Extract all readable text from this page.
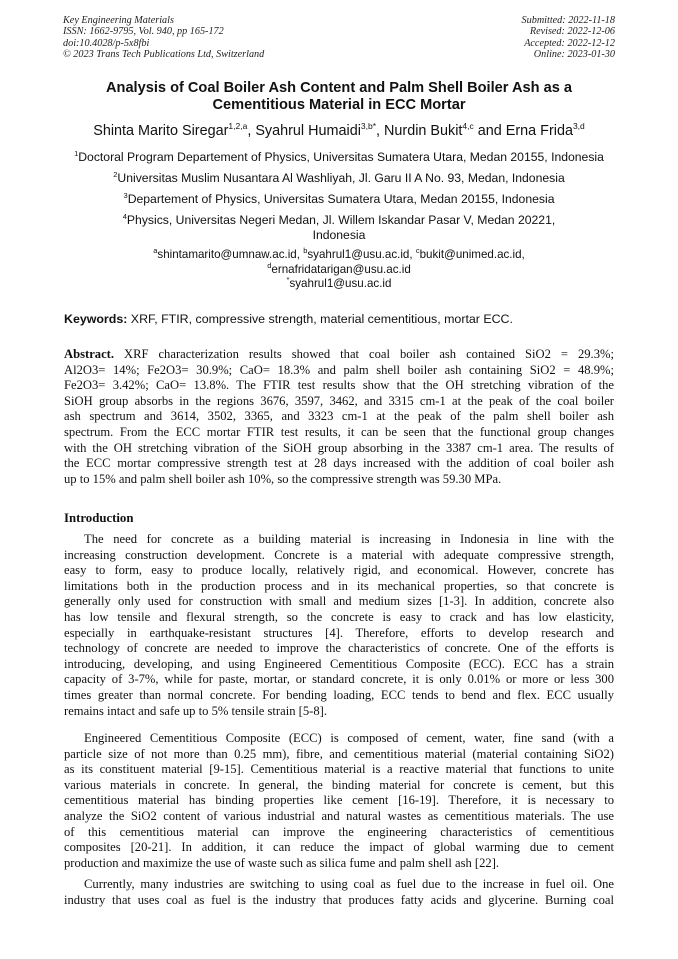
Key Engineering Materials
ISSN: 1662-9795, Vol. 940, pp 165-172
doi:10.4028/p-5x8fbi
© 2023 Trans Tech Publications Ltd, Switzerland
Submitted: 2022-11-18
Revised: 2022-12-06
Accepted: 2022-12-12
Online: 2023-01-30
Analysis of Coal Boiler Ash Content and Palm Shell Boiler Ash as a
Cementitious Material in ECC Mortar
Shinta Marito Siregar$^{1,2,a}$, Syahrul Humaidi$^{3,b*}$, Nurdin Bukit$^{4,c}$ and Erna Frida$^{3,d}$
$^1$Doctoral Program Departement of Physics, Universitas Sumatera Utara, Medan 20155, Indonesia
$^2$Universitas Muslim Nusantara Al Washliyah, Jl. Garu II A No. 93, Medan, Indonesia
$^3$Departement of Physics, Universitas Sumatera Utara, Medan 20155, Indonesia
$^4$Physics, Universitas Negeri Medan, Jl. Willem Iskandar Pasar V, Medan 20221,
Indonesia
$^a$shintamarito@umnaw.ac.id, $^b$syahrul1@usu.ac.id, $^c$bukit@unimed.ac.id,
$^d$ernafridatarigan@usu.ac.id
*syahrul1@usu.ac.id
Keywords: XRF, FTIR, compressive strength, material cementitious, mortar ECC.
Abstract. XRF characterization results showed that coal boiler ash contained SiO2 = 29.3%;
Al2O3= 14%; Fe2O3= 30.9%; CaO= 18.3% and palm shell boiler ash containing SiO2 = 48.9%;
Fe2O3= 3.42%; CaO= 13.8%. The FTIR test results show that the OH stretching vibration of the
SiOH group absorbs in the regions 3676, 3597, 3462, and 3315 cm-1 at the peak of the coal boiler
ash spectrum and 3614, 3502, 3365, and 3323 cm-1 at the peak of the palm shell boiler ash
spectrum. From the ECC mortar FTIR test results, it can be seen that the functional group changes
with the OH stretching vibration of the SiOH group absorbing in the 3387 cm-1 area. The results of
the ECC mortar compressive strength test at 28 days increased with the addition of coal boiler ash
up to 15% and palm shell boiler ash 10%, so the compressive strength was 59.30 MPa.
Introduction
The need for concrete as a building material is increasing in Indonesia in line with the
increasing construction development. Concrete is a material with adequate compressive strength,
easy to form, easy to produce locally, relatively rigid, and economical. However, concrete has
limitations both in the production process and in its mechanical properties, so that concrete is
generally only used for construction with small and medium sizes [1-3]. In addition, concrete also
has low tensile and flexural strength, so the concrete is easy to crack and has low elasticity,
especially in earthquake-resistant structures [4]. Therefore, efforts to develop research and
technology of concrete are needed to improve the characteristics of concrete. One of the efforts is
introducing, developing, and using Engineered Cementitious Composite (ECC). ECC has a strain
capacity of 3-7%, while for paste, mortar, or standard concrete, it is only 0.01% or more or less 300
times greater than normal concrete. For bending loading, ECC tends to bend and flex. ECC usually
remains intact and safe up to 5% tensile strain [5-8].
Engineered Cementitious Composite (ECC) is composed of cement, water, fine sand (with a
particle size of not more than 0.25 mm), fibre, and cementitious material (material containing SiO2)
as its constituent material [9-15]. Cementitious material is a reactive material that functions to unite
various materials in concrete. In general, the binding material for concrete is cement, but this
cementitious material has binding properties like cement [16-19]. Therefore, it is necessary to
analyze the SiO2 content of various industrial and natural wastes as cementitious materials. The use
of this cementitious material can improve the engineering characteristics of cementitious
composites [20-21]. In addition, it can reduce the impact of global warming due to cement
production and maximize the use of waste such as silica fume and palm shell ash [22].
Currently, many industries are switching to using coal as fuel due to the increase in fuel oil. One
industry that uses coal as fuel is the industry that produces fatty acids and glycerine. Burning coal
